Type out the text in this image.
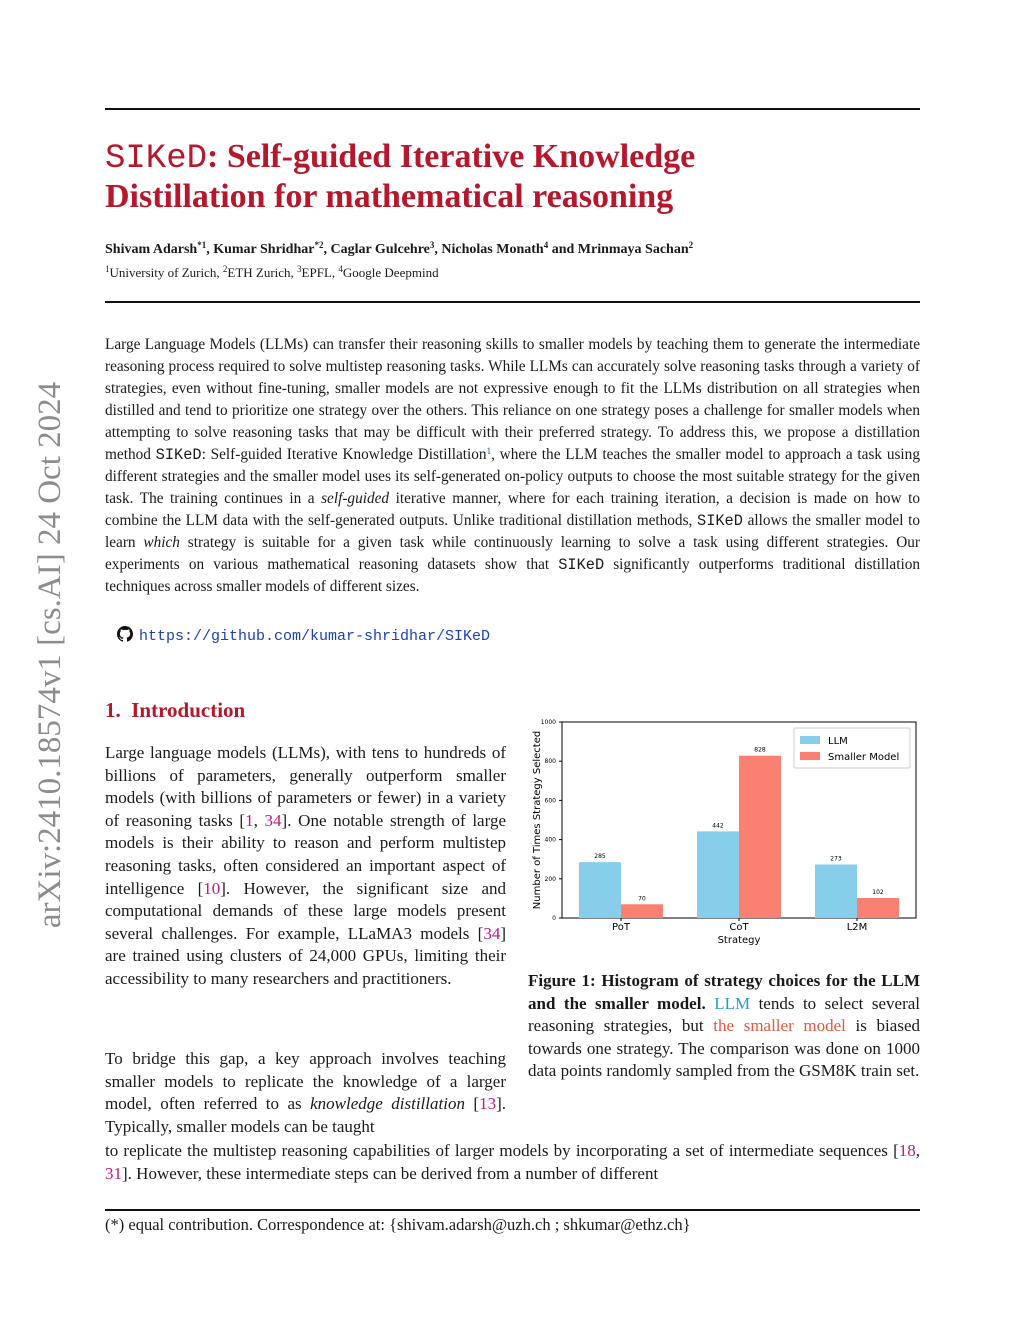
SIKeD: Self-guided Iterative Knowledge
Distillation for mathematical reasoning
Shivam Adarsh$^{*1}$, Kumar Shridhar$^{*2}$, Caglar Gulcehre$^3$, Nicholas Monath$^4$ and Mrinmaya Sachan$^2$
$^1$University of Zurich, $^2$ETH Zurich, $^3$EPFL, $^4$Google Deepmind
Large Language Models (LLMs) can transfer their reasoning skills to smaller models by teaching them to generate the intermediate reasoning process required to solve multistep reasoning tasks. While LLMs can accurately solve reasoning tasks through a variety of strategies, even without fine-tuning, smaller models are not expressive enough to fit the LLMs distribution on all strategies when distilled and tend to prioritize one strategy over the others. This reliance on one strategy poses a challenge for smaller models when attempting to solve reasoning tasks that may be difficult with their preferred strategy. To address this, we propose a distillation method SIKeD: Self-guided Iterative Knowledge Distillation$^1$, where the LLM teaches the smaller model to approach a task using different strategies and the smaller model uses its self-generated on-policy outputs to choose the most suitable strategy for the given task. The training continues in a self-guided iterative manner, where for each training iteration, a decision is made on how to combine the LLM data with the self-generated outputs. Unlike traditional distillation methods, SIKeD allows the smaller model to learn which strategy is suitable for a given task while continuously learning to solve a task using different strategies. Our experiments on various mathematical reasoning datasets show that SIKeD significantly outperforms traditional distillation techniques across smaller models of different sizes.
https://github.com/kumar-shridhar/SIKeD
arXiv:2410.18574v1 [cs.AI] 24 Oct 2024 1. Introduction
Large language models (LLMs), with tens to hundreds of billions of parameters, generally outperform smaller models (with billions of parameters or fewer) in a variety of reasoning tasks [1, 34]. One notable strength of large models is their ability to reason and perform multistep reasoning tasks, often considered an important aspect of intelligence [10]. However, the significant size and computational demands of these large models present several challenges. For example, LLaMA3 models [34] are trained using clusters of 24,000 GPUs, limiting their accessibility to many researchers and practitioners.
To bridge this gap, a key approach involves teaching smaller models to replicate the knowledge of a larger model, often referred to as knowledge distillation [13]. Typically, smaller models can be taught
to replicate the multistep reasoning capabilities of larger models by incorporating a set of intermediate sequences [18, 31]. However, these intermediate steps can be derived from a number of different
0
200
400
600
800
1000
285
70
PoT
442
828
CoT
273
102
L2M
Strategy
Number of Times Strategy Selected	LLM
Smaller Model
Figure 1: Histogram of strategy choices for the LLM and the smaller model. LLM tends to select several reasoning strategies, but the smaller model is biased towards one strategy. The comparison was done on 1000 data points randomly sampled from the GSM8K train set.
(*) equal contribution. Correspondence at: {shivam.adarsh@uzh.ch ; shkumar@ethz.ch}
